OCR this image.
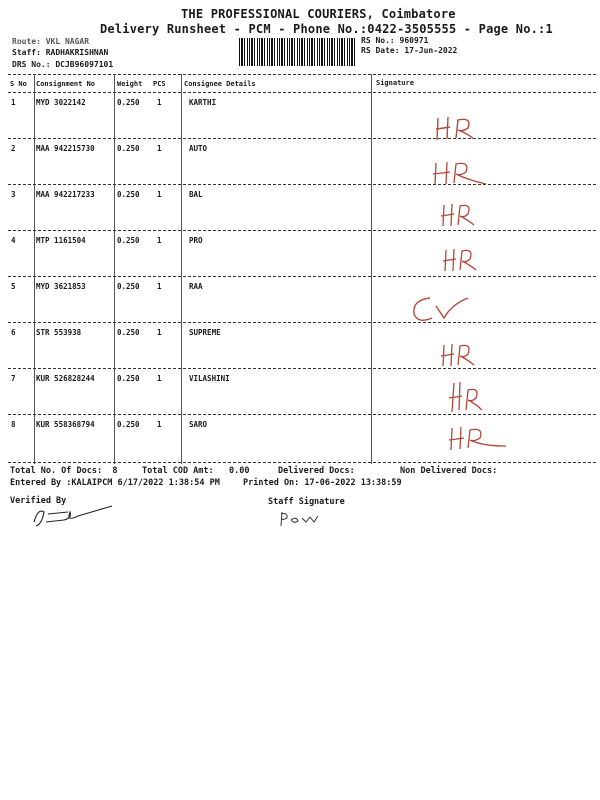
THE PROFESSIONAL COURIERS, Coimbatore
Delivery Runsheet - PCM - Phone No.:0422-3505555 - Page No.:1
Route: VKL NAGAR
Staff: RADHAKRISHNAN
DRS No.: DCJB96097101
RS No.: 960971
RS Date: 17-Jun-2022
S No Consignment No	Weight PCS	Consignee Details	Signature
1	MYD 3022142	0.250 1	KARTHI
2	MAA 942215730	0.250 1	AUTO
3	MAA 942217233	0.250 1	BAL
4	MTP 1161504	0.250 1	PRO
5	MYD 3621853	0.250 1	RAA
6	STR 553938	0.250 1	SUPREME
7	KUR 526828244	0.250 1	VILASHINI
8	KUR 558368794	0.250 1	SARO
Total No. Of Docs:  8	Total COD Amt:   0.00	Delivered Docs:	Non Delivered Docs:
Entered By :KALAIPCM 6/17/2022 1:38:54 PM	Printed On: 17-06-2022 13:38:59
Verified By	Staff Signature
